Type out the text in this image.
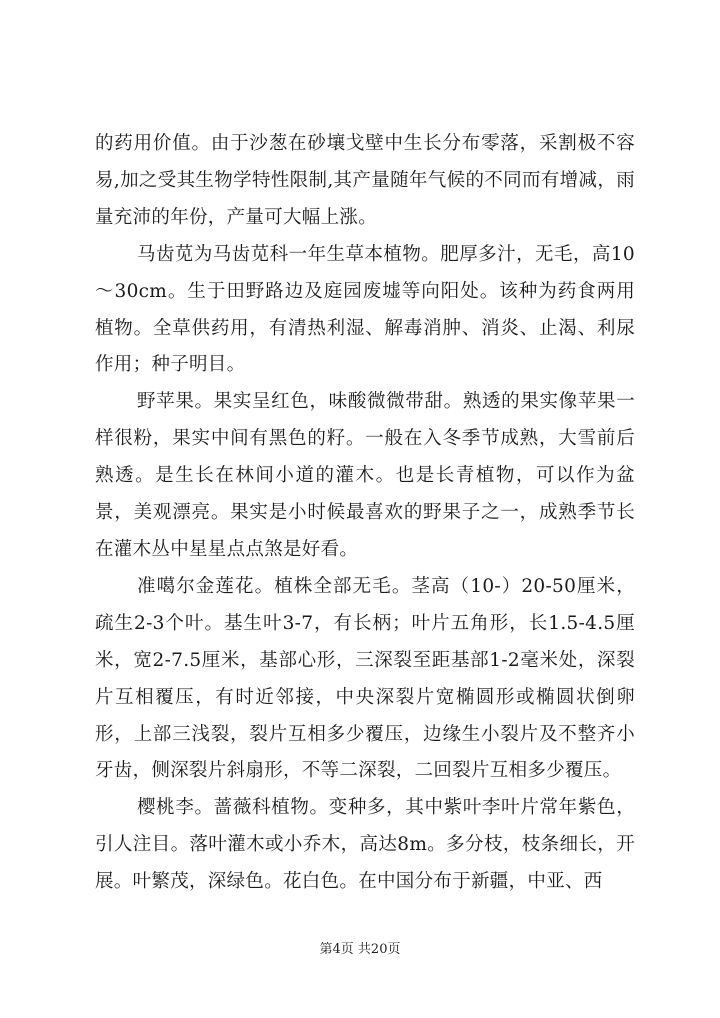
的药用价值。由于沙葱在砂壤戈壁中生长分布零落，采割极不容易,加之受其生物学特性限制,其产量随年气候的不同而有增减，雨量充沛的年份，产量可大幅上涨。

马齿苋为马齿苋科一年生草本植物。肥厚多汁，无毛，高10～30cm。生于田野路边及庭园废墟等向阳处。该种为药食两用植物。全草供药用，有清热利湿、解毒消肿、消炎、止渴、利尿作用；种子明目。

野苹果。果实呈红色，味酸微微带甜。熟透的果实像苹果一样很粉，果实中间有黑色的籽。一般在入冬季节成熟，大雪前后熟透。是生长在林间小道的灌木。也是长青植物，可以作为盆景，美观漂亮。果实是小时候最喜欢的野果子之一，成熟季节长在灌木丛中星星点点煞是好看。

准噶尔金莲花。植株全部无毛。茎高（10-）20-50厘米，疏生2-3个叶。基生叶3-7，有长柄；叶片五角形，长1.5-4.5厘米，宽2-7.5厘米，基部心形，三深裂至距基部1-2毫米处，深裂片互相覆压，有时近邻接，中央深裂片宽椭圆形或椭圆状倒卵形，上部三浅裂，裂片互相多少覆压，边缘生小裂片及不整齐小牙齿，侧深裂片斜扇形，不等二深裂，二回裂片互相多少覆压。

樱桃李。蔷薇科植物。变种多，其中紫叶李叶片常年紫色，引人注目。落叶灌木或小乔木，高达8m。多分枝，枝条细长，开展。叶繁茂，深绿色。花白色。在中国分布于新疆，中亚、西

第4页 共20页
